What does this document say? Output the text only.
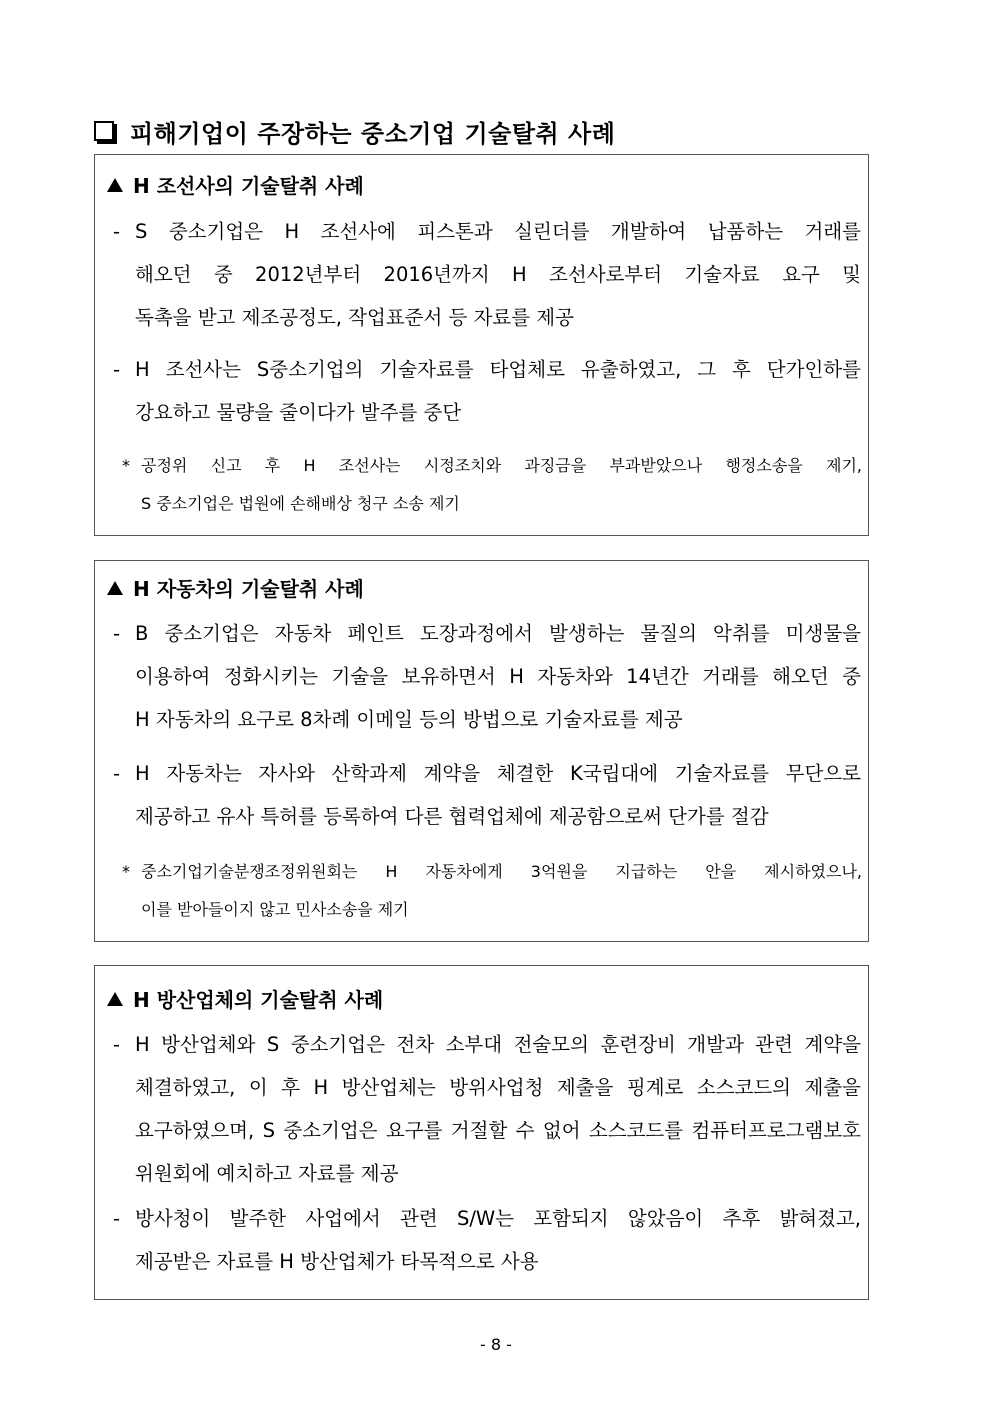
피해기업이 주장하는 중소기업 기술탈취 사례
H 조선사의 기술탈취 사례
- S 중소기업은 H 조선사에 피스톤과 실린더를 개발하여 납품하는 거래를
해오던 중 2012년부터 2016년까지 H 조선사로부터 기술자료 요구 및
독촉을 받고 제조공정도, 작업표준서 등 자료를 제공
- H 조선사는 S중소기업의 기술자료를 타업체로 유출하였고, 그 후 단가인하를
강요하고 물량을 줄이다가 발주를 중단
* 공정위 신고 후 H 조선사는 시정조치와 과징금을 부과받았으나 행정소송을 제기,
S 중소기업은 법원에 손해배상 청구 소송 제기
H 자동차의 기술탈취 사례
- B 중소기업은 자동차 페인트 도장과정에서 발생하는 물질의 악취를 미생물을
이용하여 정화시키는 기술을 보유하면서 H 자동차와 14년간 거래를 해오던 중
H 자동차의 요구로 8차례 이메일 등의 방법으로 기술자료를 제공
- H 자동차는 자사와 산학과제 계약을 체결한 K국립대에 기술자료를 무단으로
제공하고 유사 특허를 등록하여 다른 협력업체에 제공함으로써 단가를 절감
* 중소기업기술분쟁조정위원회는 H 자동차에게 3억원을 지급하는 안을 제시하였으나,
이를 받아들이지 않고 민사소송을 제기
H 방산업체의 기술탈취 사례
- H 방산업체와 S 중소기업은 전차 소부대 전술모의 훈련장비 개발과 관련 계약을
체결하였고, 이 후 H 방산업체는 방위사업청 제출을 핑계로 소스코드의 제출을
요구하였으며, S 중소기업은 요구를 거절할 수 없어 소스코드를 컴퓨터프로그램보호
위원회에 예치하고 자료를 제공
- 방사청이 발주한 사업에서 관련 S/W는 포함되지 않았음이 추후 밝혀졌고,
제공받은 자료를 H 방산업체가 타목적으로 사용
- 8 -
